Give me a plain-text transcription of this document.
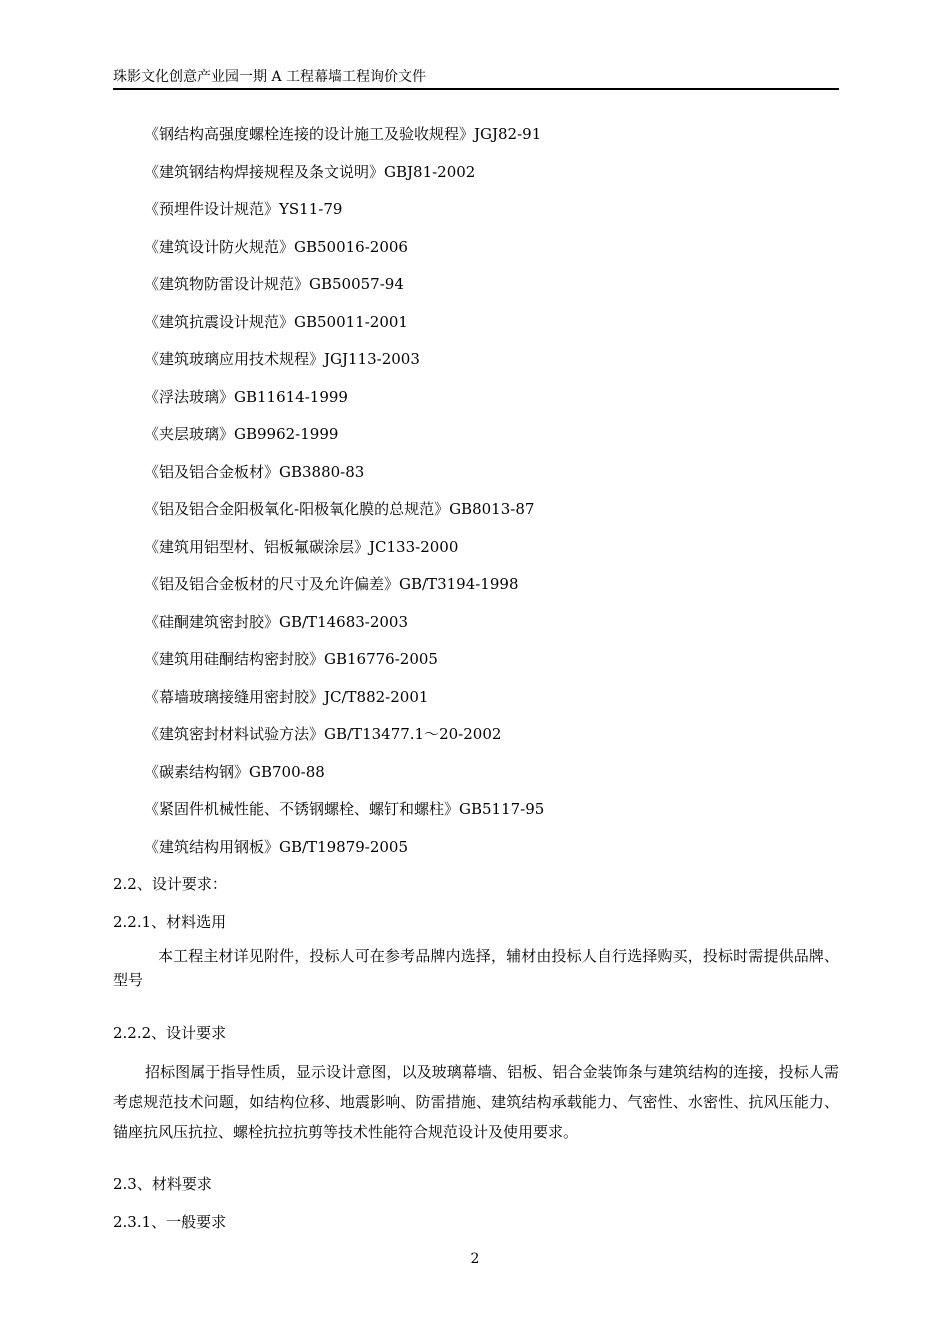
珠影文化创意产业园一期 A 工程幕墙工程询价文件
《钢结构高强度螺栓连接的设计施工及验收规程》JGJ82-91
《建筑钢结构焊接规程及条文说明》GBJ81-2002
《预埋件设计规范》YS11-79
《建筑设计防火规范》GB50016-2006
《建筑物防雷设计规范》GB50057-94
《建筑抗震设计规范》GB50011-2001
《建筑玻璃应用技术规程》JGJ113-2003
《浮法玻璃》GB11614-1999
《夹层玻璃》GB9962-1999
《铝及铝合金板材》GB3880-83
《铝及铝合金阳极氧化-阳极氧化膜的总规范》GB8013-87
《建筑用铝型材、铝板氟碳涂层》JC133-2000
《铝及铝合金板材的尺寸及允许偏差》GB/T3194-1998
《硅酮建筑密封胶》GB/T14683-2003
《建筑用硅酮结构密封胶》GB16776-2005
《幕墙玻璃接缝用密封胶》JC/T882-2001
《建筑密封材料试验方法》GB/T13477.1～20-2002
《碳素结构钢》GB700-88
《紧固件机械性能、不锈钢螺栓、螺钉和螺柱》GB5117-95
《建筑结构用钢板》GB/T19879-2005
2.2、设计要求：
2.2.1、材料选用

本工程主材详见附件，投标人可在参考品牌内选择，辅材由投标人自行选择购买，投标时需提供品牌、型号

2.2.2、设计要求

招标图属于指导性质，显示设计意图，以及玻璃幕墙、铝板、铝合金装饰条与建筑结构的连接，投标人需考虑规范技术问题，如结构位移、地震影响、防雷措施、建筑结构承载能力、气密性、水密性、抗风压能力、锚座抗风压抗拉、螺栓抗拉抗剪等技术性能符合规范设计及使用要求。

2.3、材料要求
2.3.1、一般要求
2
